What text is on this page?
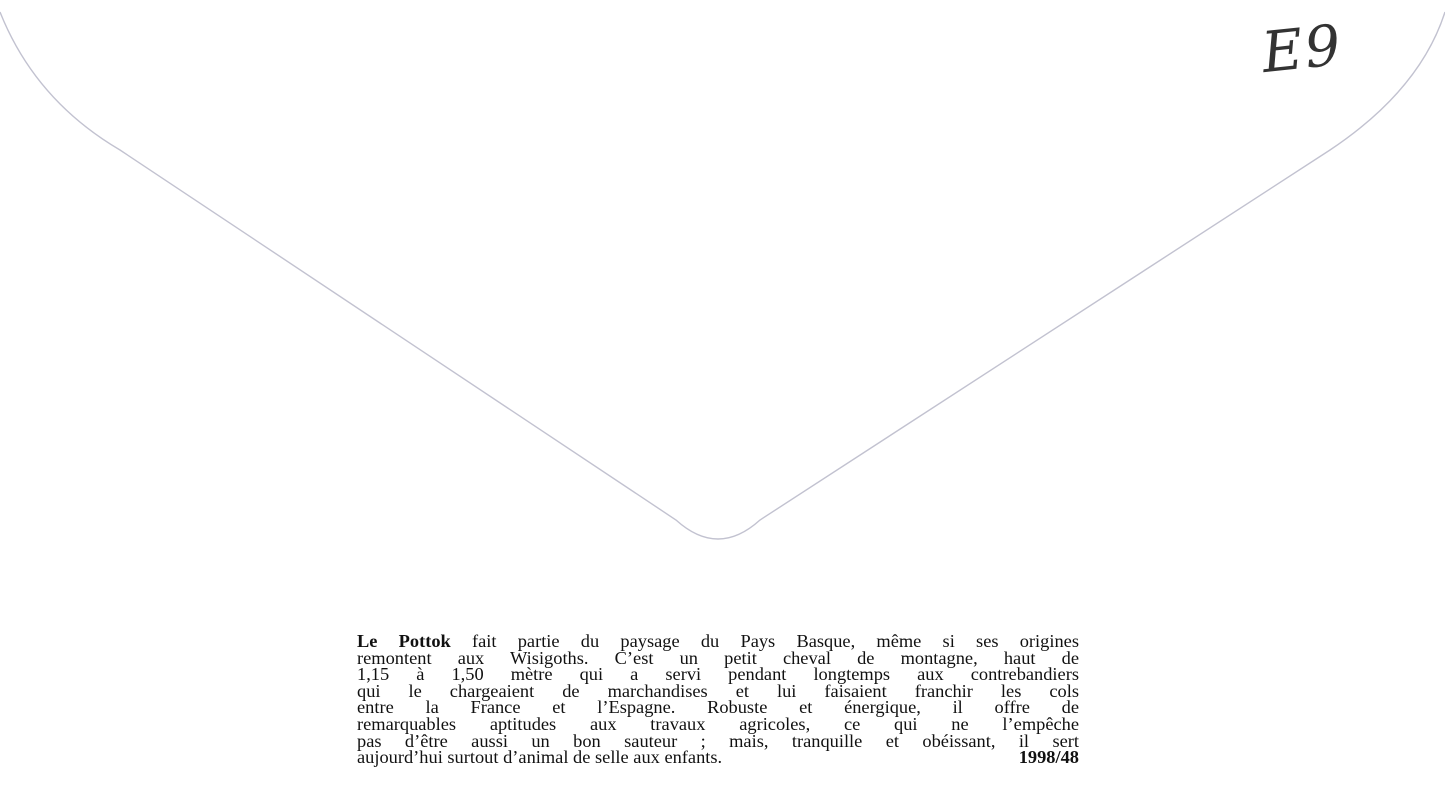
E9
Le Pottok fait partie du paysage du Pays Basque, même si ses origines
remontent aux Wisigoths. C’est un petit cheval de montagne, haut de
1,15 à 1,50 mètre qui a servi pendant longtemps aux contrebandiers
qui le chargeaient de marchandises et lui faisaient franchir les cols
entre la France et l’Espagne. Robuste et énergique, il offre de
remarquables aptitudes aux travaux agricoles, ce qui ne l’empêche
pas d’être aussi un bon sauteur ; mais, tranquille et obéissant, il sert
aujourd’hui surtout d’animal de selle aux enfants.	1998/48
